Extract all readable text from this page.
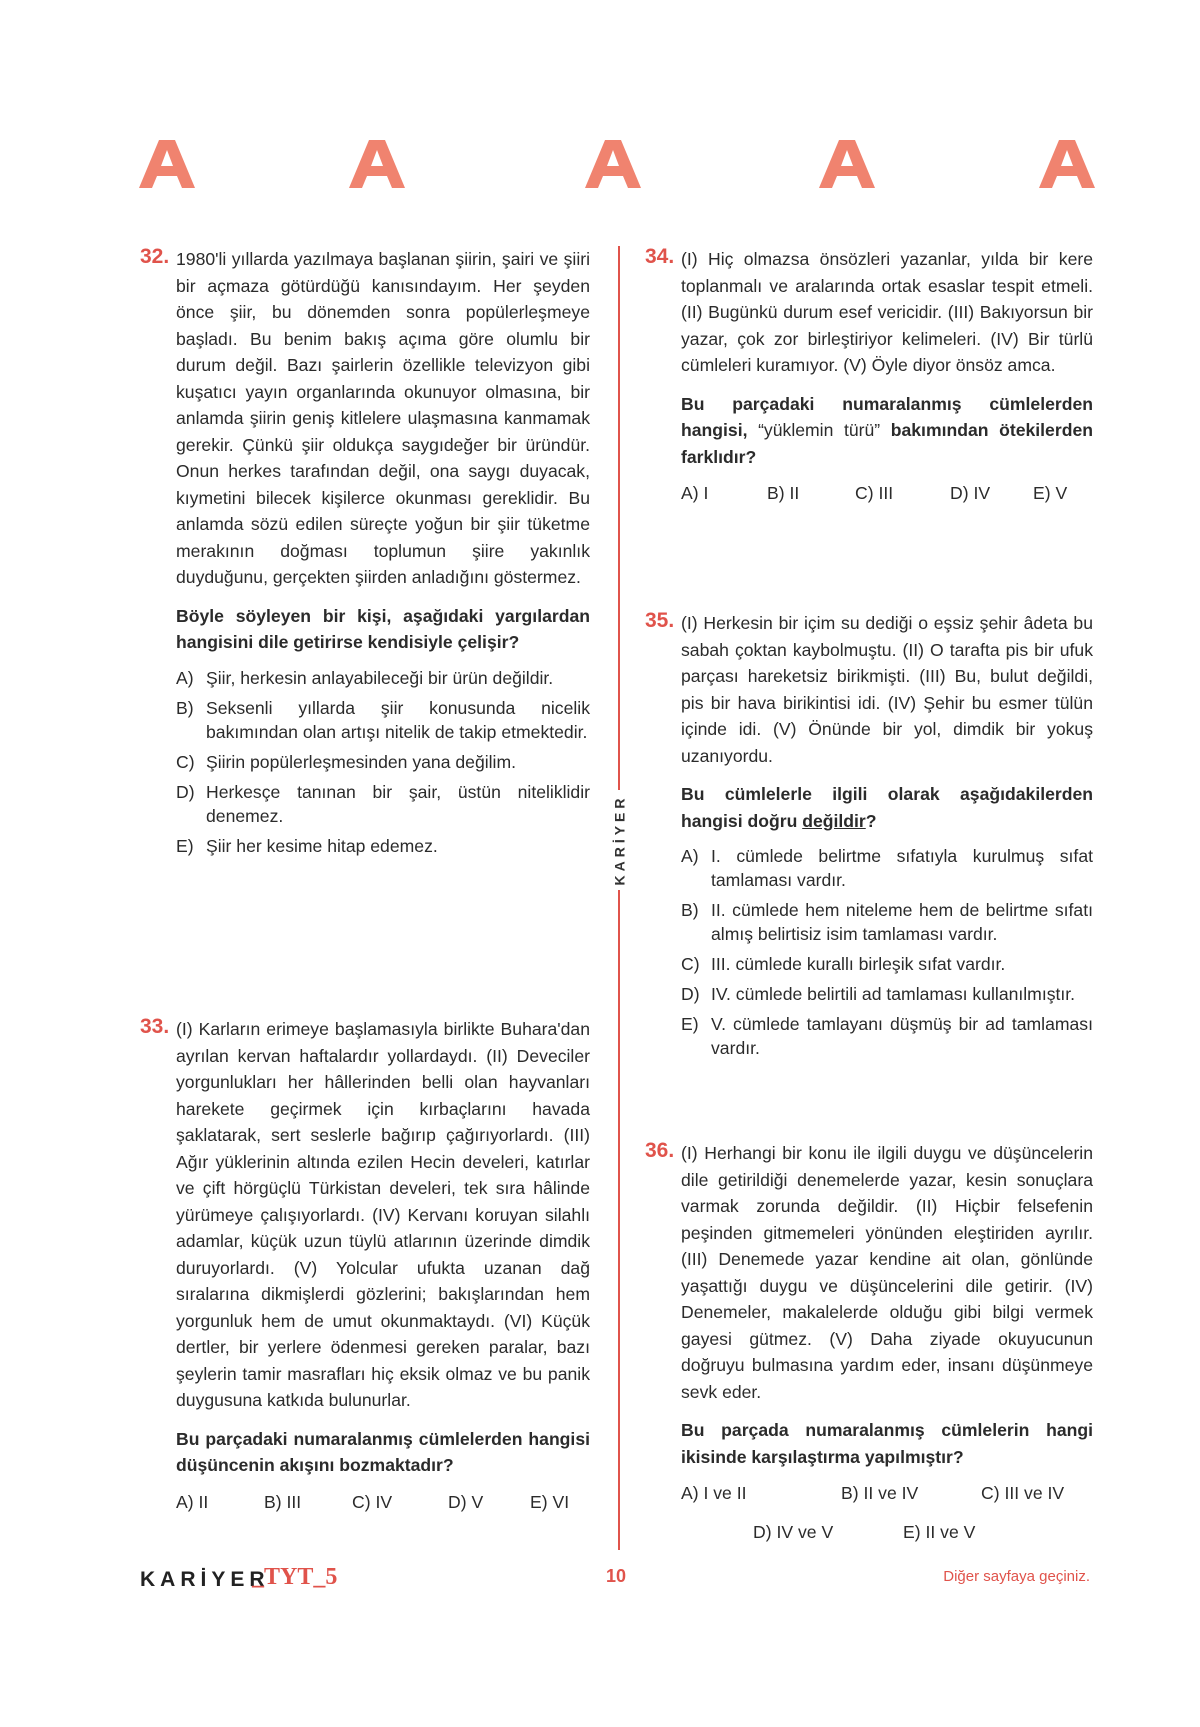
KARİYER
32. 1980'li yıllarda yazılmaya başlanan şiirin, şairi ve şiiri bir açmaza götürdüğü kanısındayım. Her şeyden önce şiir, bu dönemden sonra popülerleşmeye başladı. Bu benim bakış açıma göre olumlu bir durum değil. Bazı şairlerin özellikle televizyon gibi kuşatıcı yayın organlarında okunuyor olmasına, bir anlamda şiirin geniş kitlelere ulaşmasına kanmamak gerekir. Çünkü şiir oldukça saygıdeğer bir üründür. Onun herkes tarafından değil, ona saygı duyacak, kıymetini bilecek kişilerce okunması gereklidir. Bu anlamda sözü edilen süreçte yoğun bir şiir tüketme merakının doğması toplumun şiire yakınlık duyduğunu, gerçekten şiirden anladığını göstermez.

Böyle söyleyen bir kişi, aşağıdaki yargılardan hangisini dile getirirse kendisiyle çelişir?

A) Şiir, herkesin anlayabileceği bir ürün değildir.
B) Seksenli yıllarda şiir konusunda nicelik bakımından olan artışı nitelik de takip etmektedir.
C) Şiirin popülerleşmesinden yana değilim.
D) Herkesçe tanınan bir şair, üstün niteliklidir denemez.
E) Şiir her kesime hitap edemez.
33. (I) Karların erimeye başlamasıyla birlikte Buhara'dan ayrılan kervan haftalardır yollardaydı. (II) Deveciler yorgunlukları her hâllerinden belli olan hayvanları harekete geçirmek için kırbaçlarını havada şaklatarak, sert seslerle bağırıp çağırıyorlardı. (III) Ağır yüklerinin altında ezilen Hecin develeri, katırlar ve çift hörgüçlü Türkistan develeri, tek sıra hâlinde yürümeye çalışıyorlardı. (IV) Kervanı koruyan silahlı adamlar, küçük uzun tüylü atlarının üzerinde dimdik duruyorlardı. (V) Yolcular ufukta uzanan dağ sıralarına dikmişlerdi gözlerini; bakışlarından hem yorgunluk hem de umut okunmaktaydı. (VI) Küçük dertler, bir yerlere ödenmesi gereken paralar, bazı şeylerin tamir masrafları hiç eksik olmaz ve bu panik duygusuna katkıda bulunurlar.

Bu parçadaki numaralanmış cümlelerden hangisi düşüncenin akışını bozmaktadır?

A) II	B) III	C) IV	D) V	E) VI
34. (I) Hiç olmazsa önsözleri yazanlar, yılda bir kere toplanmalı ve aralarında ortak esaslar tespit etmeli. (II) Bugünkü durum esef vericidir. (III) Bakıyorsun bir yazar, çok zor birleştiriyor kelimeleri. (IV) Bir türlü cümleleri kuramıyor. (V) Öyle diyor önsöz amca.

Bu parçadaki numaralanmış cümlelerden hangisi, “yüklemin türü” bakımından ötekilerden farklıdır?

A) I	B) II	C) III	D) IV	E) V
35. (I) Herkesin bir içim su dediği o eşsiz şehir âdeta bu sabah çoktan kaybolmuştu. (II) O tarafta pis bir ufuk parçası hareketsiz birikmişti. (III) Bu, bulut değildi, pis bir hava birikintisi idi. (IV) Şehir bu esmer tülün içinde idi. (V) Önünde bir yol, dimdik bir yokuş uzanıyordu.

Bu cümlelerle ilgili olarak aşağıdakilerden hangisi doğru değildir?

A) I. cümlede belirtme sıfatıyla kurulmuş sıfat tamlaması vardır.
B) II. cümlede hem niteleme hem de belirtme sıfatı almış belirtisiz isim tamlaması vardır.
C) III. cümlede kurallı birleşik sıfat vardır.
D) IV. cümlede belirtili ad tamlaması kullanılmıştır.
E) V. cümlede tamlayanı düşmüş bir ad tamlaması vardır.
36. (I) Herhangi bir konu ile ilgili duygu ve düşüncelerin dile getirildiği denemelerde yazar, kesin sonuçlara varmak zorunda değildir. (II) Hiçbir felsefenin peşinden gitmemeleri yönünden eleştiriden ayrılır. (III) Denemede yazar kendine ait olan, gönlünde yaşattığı duygu ve düşüncelerini dile getirir. (IV) Denemeler, makalelerde olduğu gibi bilgi vermek gayesi gütmez. (V) Daha ziyade okuyucunun doğruyu bulmasına yardım eder, insanı düşünmeye sevk eder.

Bu parçada numaralanmış cümlelerin hangi ikisinde karşılaştırma yapılmıştır?

A) I ve II	B) II ve IV	C) III ve IV
D) IV ve V	E) II ve V
KARİYER
_TYT_5	10	Diğer sayfaya geçiniz.
